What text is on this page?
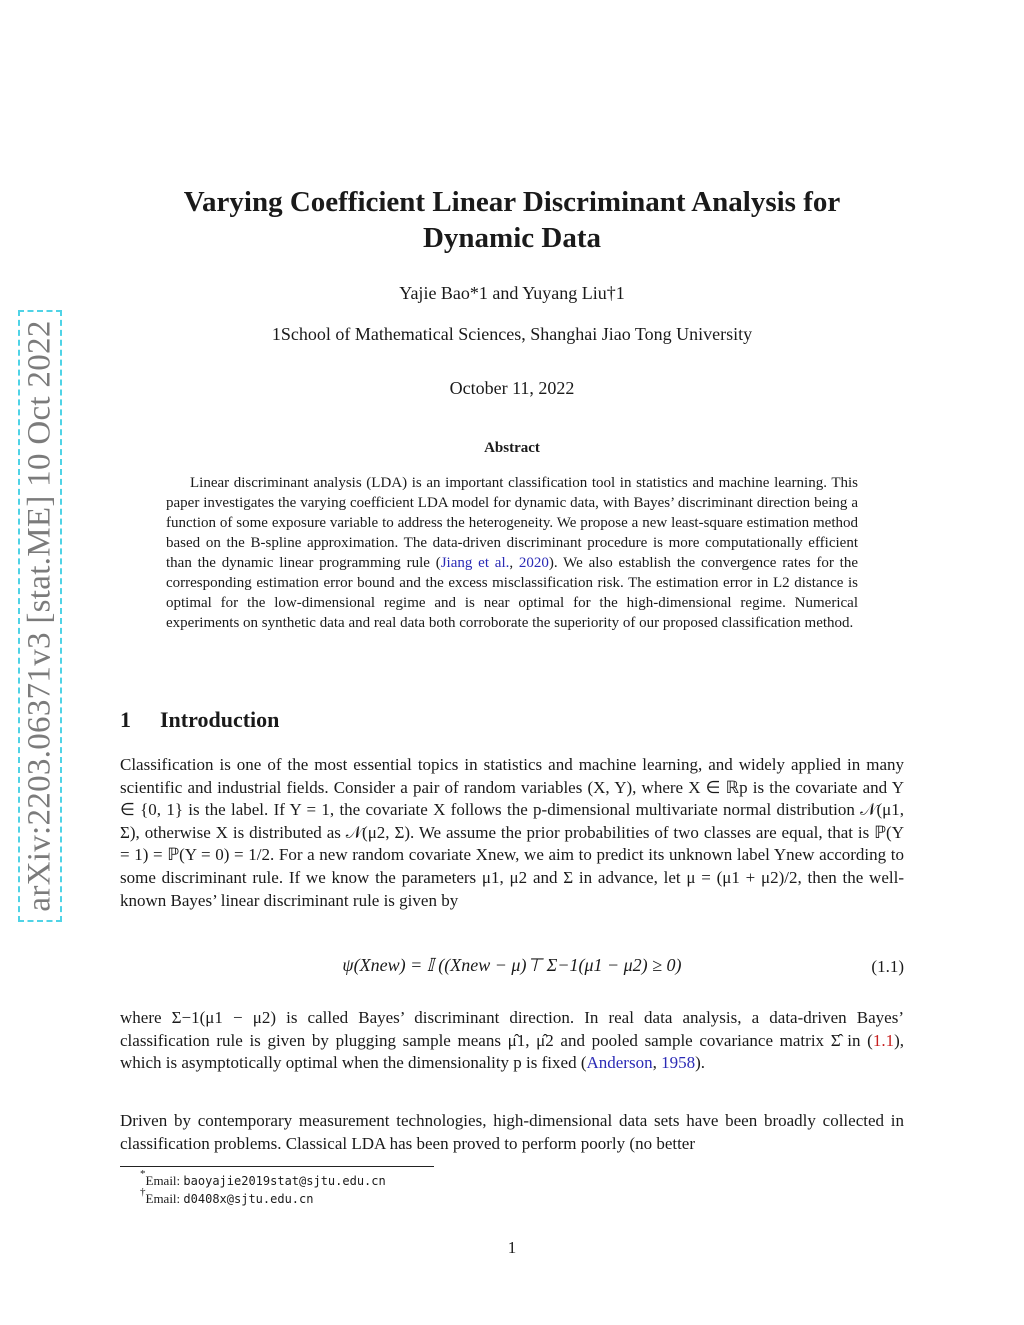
arXiv:2203.06371v3 [stat.ME] 10 Oct 2022
Varying Coefficient Linear Discriminant Analysis for
Dynamic Data
Yajie Bao*1 and Yuyang Liu†1
1School of Mathematical Sciences, Shanghai Jiao Tong University
October 11, 2022
Abstract

Linear discriminant analysis (LDA) is an important classification tool in statistics and machine learning. This paper investigates the varying coefficient LDA model for dynamic data, with Bayes’ discriminant direction being a function of some exposure variable to address the heterogeneity. We propose a new least-square estimation method based on the B-spline approximation. The data-driven discriminant procedure is more computationally efficient than the dynamic linear programming rule (Jiang et al., 2020). We also establish the convergence rates for the corresponding estimation error bound and the excess misclassification risk. The estimation error in L2 distance is optimal for the low-dimensional regime and is near optimal for the high-dimensional regime. Numerical experiments on synthetic data and real data both corroborate the superiority of our proposed classification method.

1 Introduction

Classification is one of the most essential topics in statistics and machine learning, and widely applied in many scientific and industrial fields. Consider a pair of random variables (X, Y), where X ∈ ℝp is the covariate and Y ∈ {0, 1} is the label. If Y = 1, the covariate X follows the p-dimensional multivariate normal distribution 𝒩(μ1, Σ), otherwise X is distributed as 𝒩(μ2, Σ). We assume the prior probabilities of two classes are equal, that is ℙ(Y = 1) = ℙ(Y = 0) = 1/2. For a new random covariate Xnew, we aim to predict its unknown label Ynew according to some discriminant rule. If we know the parameters μ1, μ2 and Σ in advance, let μ = (μ1 + μ2)/2, then the well-known Bayes’ linear discriminant rule is given by

ψ(Xnew) = 𝕀 ((Xnew − μ)⊤ Σ−1(μ1 − μ2) ≥ 0)	(1.1)

where Σ−1(μ1 − μ2) is called Bayes’ discriminant direction. In real data analysis, a data-driven Bayes’ classification rule is given by plugging sample means μ̂1, μ̂2 and pooled sample covariance matrix Σ̂ in (1.1), which is asymptotically optimal when the dimensionality p is fixed (Anderson, 1958).

Driven by contemporary measurement technologies, high-dimensional data sets have been broadly collected in classification problems. Classical LDA has been proved to perform poorly (no better

*Email: baoyajie2019stat@sjtu.edu.cn
†Email: d0408x@sjtu.edu.cn
1
